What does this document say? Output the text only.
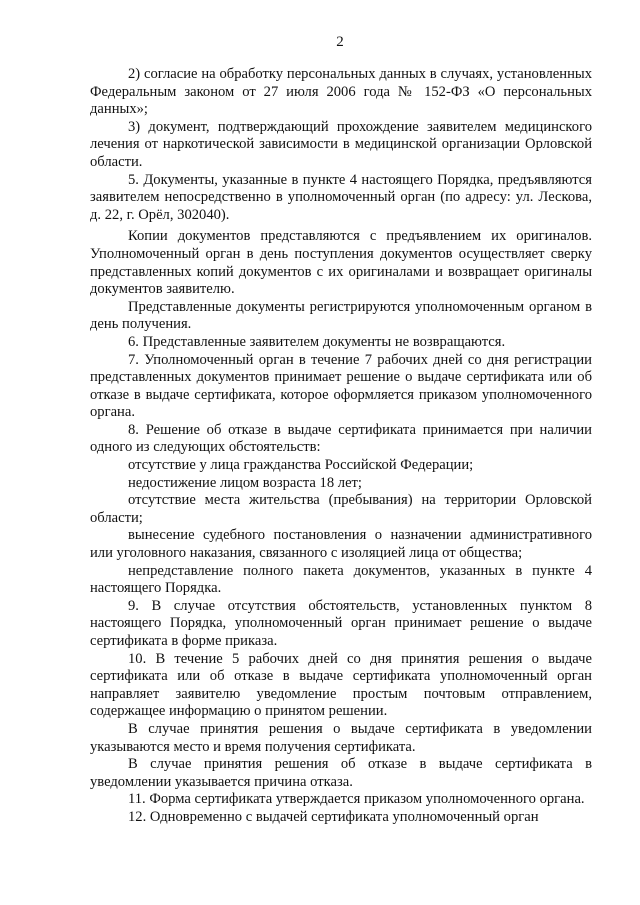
2

2) согласие на обработку персональных данных в случаях, установленных Федеральным законом от 27 июля 2006 года № 152-ФЗ «О персональных данных»;

3) документ, подтверждающий прохождение заявителем медицинского лечения от наркотической зависимости в медицинской организации Орловской области.

5. Документы, указанные в пункте 4 настоящего Порядка, предъявляются заявителем непосредственно в уполномоченный орган (по адресу: ул. Лескова, д. 22, г. Орёл, 302040).

Копии документов представляются с предъявлением их оригиналов. Уполномоченный орган в день поступления документов осуществляет сверку представленных копий документов с их оригиналами и возвращает оригиналы документов заявителю.

Представленные документы регистрируются уполномоченным органом в день получения.

6. Представленные заявителем документы не возвращаются.

7. Уполномоченный орган в течение 7 рабочих дней со дня регистрации представленных документов принимает решение о выдаче сертификата или об отказе в выдаче сертификата, которое оформляется приказом уполномоченного органа.

8. Решение об отказе в выдаче сертификата принимается при наличии одного из следующих обстоятельств:

отсутствие у лица гражданства Российской Федерации;

недостижение лицом возраста 18 лет;

отсутствие места жительства (пребывания) на территории Орловской области;

вынесение судебного постановления о назначении административного или уголовного наказания, связанного с изоляцией лица от общества;

непредставление полного пакета документов, указанных в пункте 4 настоящего Порядка.

9. В случае отсутствия обстоятельств, установленных пунктом 8 настоящего Порядка, уполномоченный орган принимает решение о выдаче сертификата в форме приказа.

10. В течение 5 рабочих дней со дня принятия решения о выдаче сертификата или об отказе в выдаче сертификата уполномоченный орган направляет заявителю уведомление простым почтовым отправлением, содержащее информацию о принятом решении.

В случае принятия решения о выдаче сертификата в уведомлении указываются место и время получения сертификата.

В случае принятия решения об отказе в выдаче сертификата в уведомлении указывается причина отказа.

11. Форма сертификата утверждается приказом уполномоченного органа.

12. Одновременно с выдачей сертификата уполномоченный орган
